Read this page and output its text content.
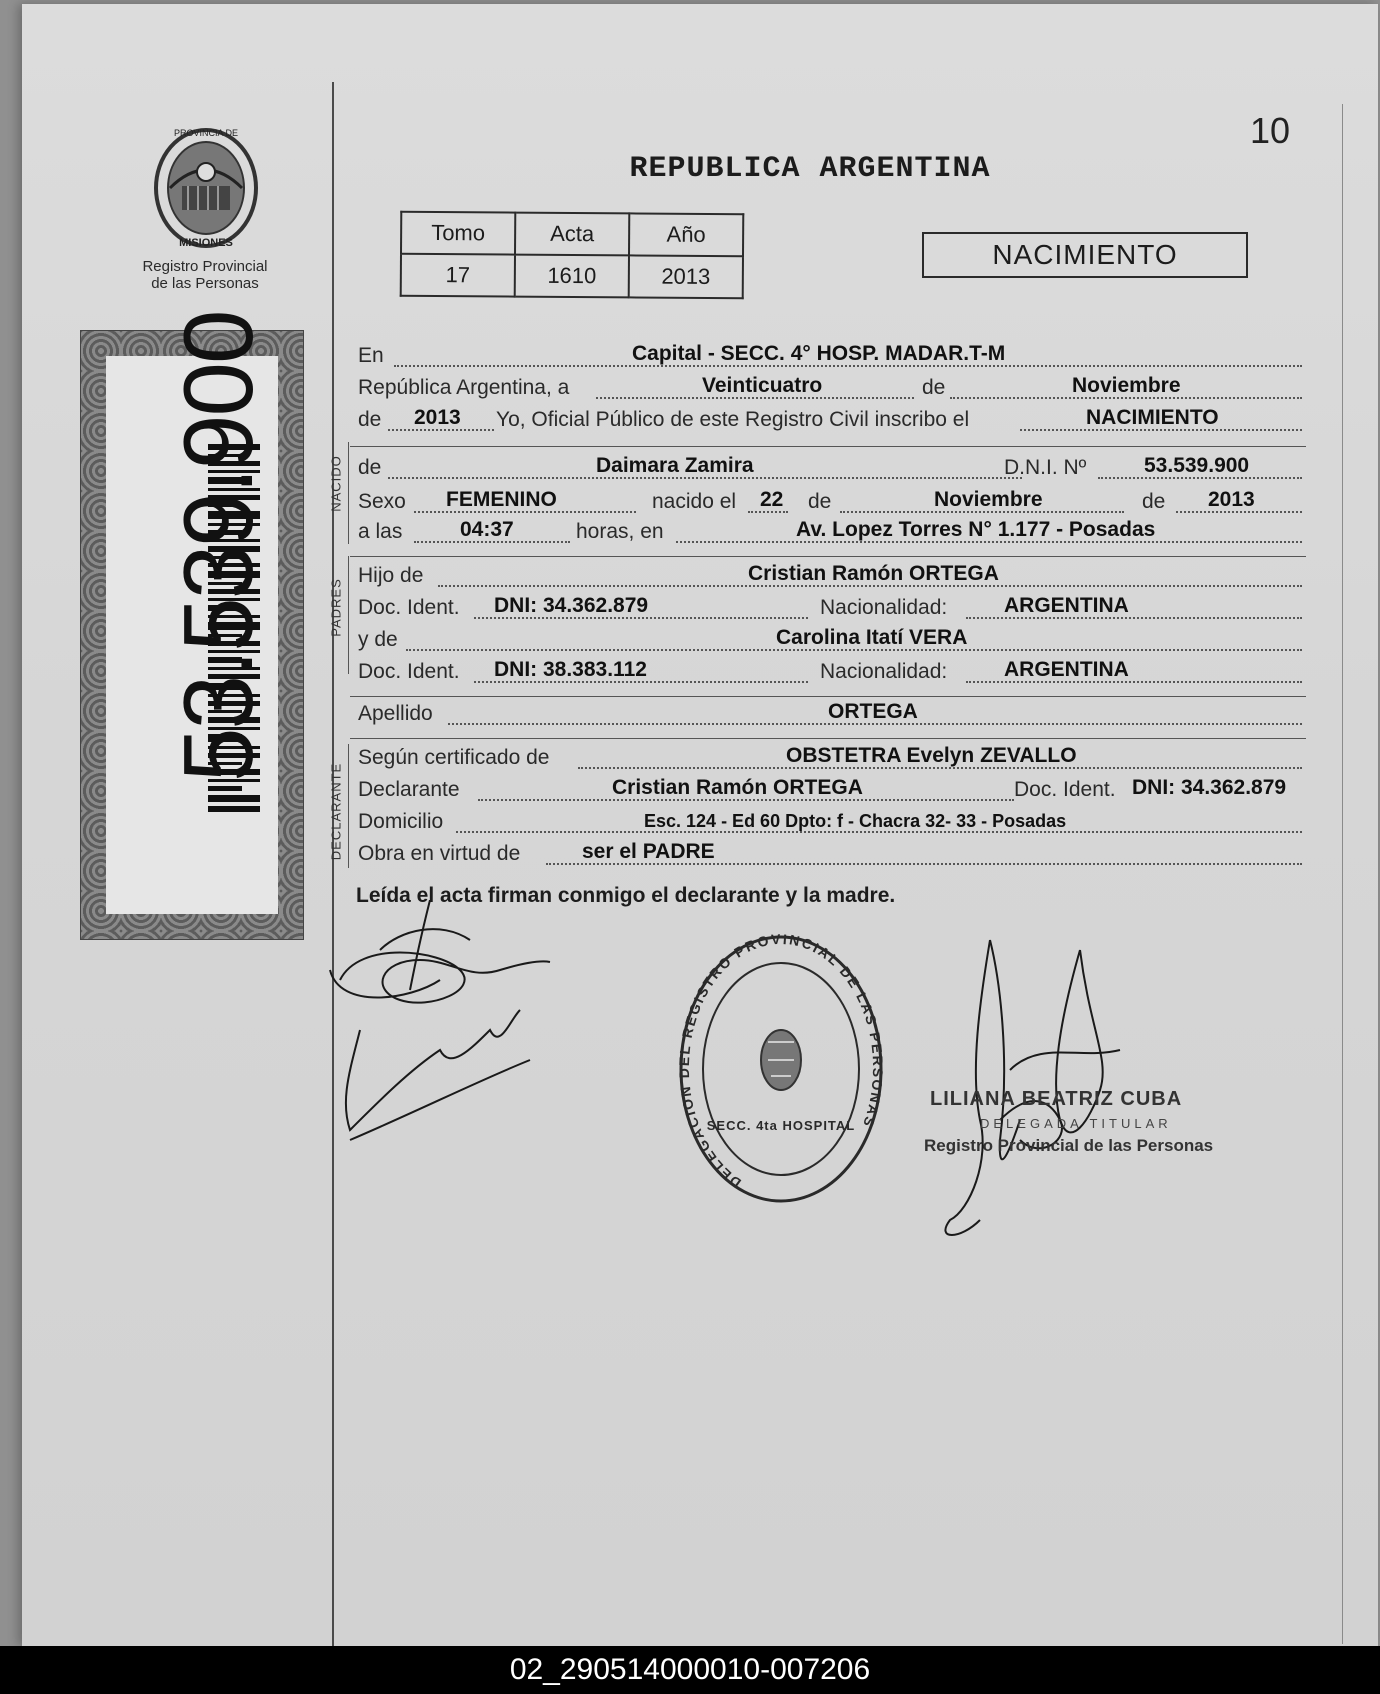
PROVINCIA DE
MISIONES
Registro Provincial
de las Personas
NACIDO
PADRES
DECLARANTE
10
REPUBLICA ARGENTINA
Tomo	Acta	Año
17	1610	2013
NACIMIENTO
En	Capital - SECC. 4° HOSP. MADAR.T-M
República Argentina, a	Veinticuatro	de	Noviembre
de 2013 Yo, Oficial Público de este Registro Civil inscribo el	NACIMIENTO
de	Daimara Zamira	D.N.I. Nº	53.539.900
Sexo FEMENINO	nacido el 22 de	Noviembre	de 2013
a las	04:37	horas, en	Av. Lopez Torres N° 1.177 - Posadas
Hijo de	Cristian Ramón ORTEGA
Doc. Ident. DNI: 34.362.879	Nacionalidad:	ARGENTINA
y de	Carolina Itatí VERA
Doc. Ident. DNI: 38.383.112	Nacionalidad:	ARGENTINA
Apellido	ORTEGA
Según certificado de	OBSTETRA Evelyn ZEVALLO
Declarante	Cristian Ramón ORTEGA	Doc. Ident. DNI: 34.362.879
Domicilio	Esc. 124 - Ed 60 Dpto: f - Chacra 32- 33 - Posadas
Obra en virtud de	ser el PADRE
Leída el acta firman conmigo el declarante y la madre.
DELEGACION DEL REGISTRO PROVINCIAL DE LAS PERSONAS
SECC. 4ta HOSPITAL
LILIANA BEATRIZ CUBA
DELEGADA TITULAR
Registro Provincial de las Personas
02_290514000010-007206
